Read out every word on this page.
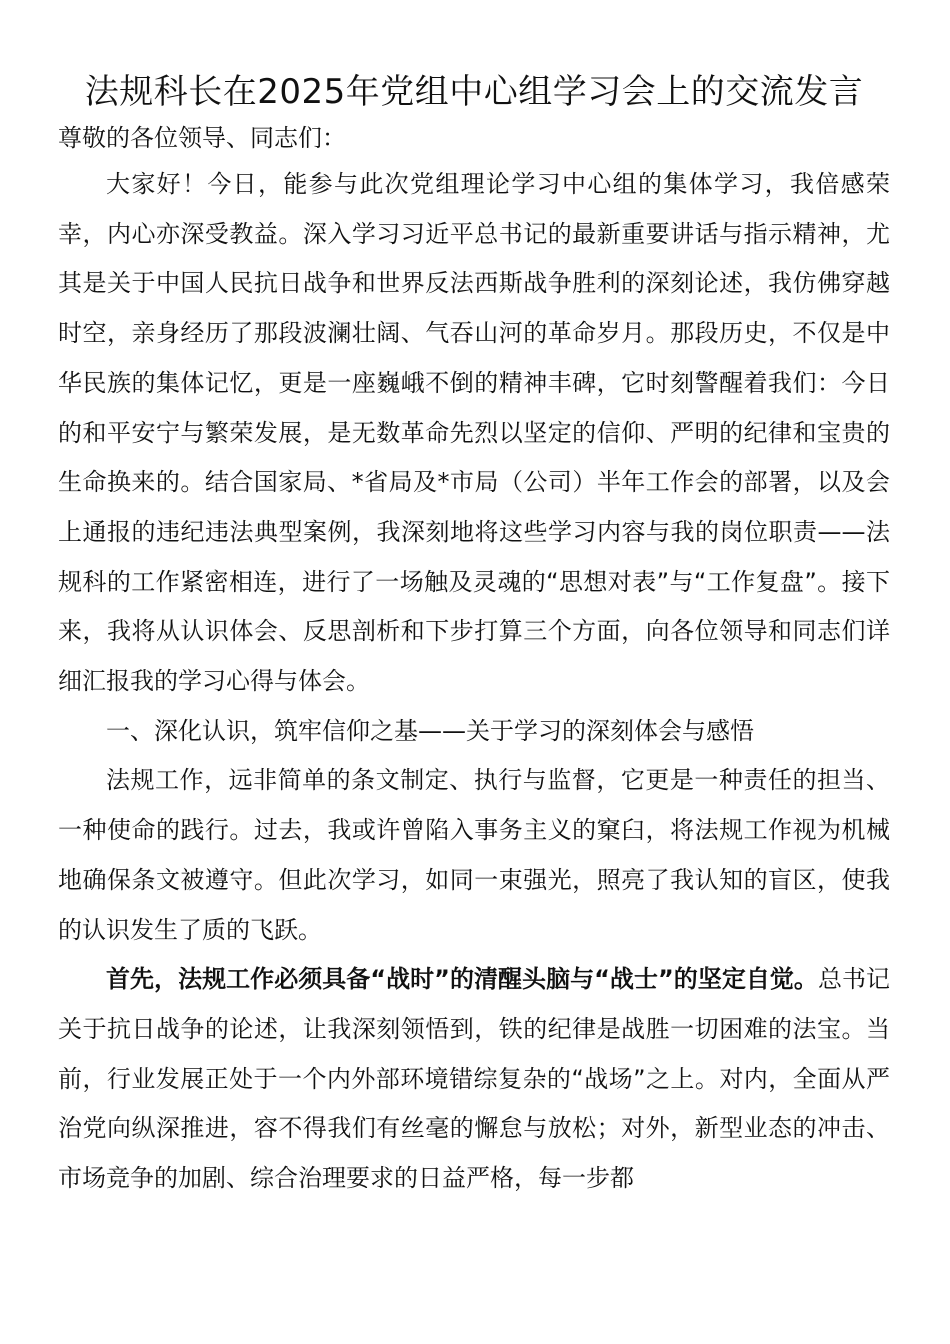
法规科长在2025年党组中心组学习会上的交流发言

尊敬的各位领导、同志们：

大家好！今日，能参与此次党组理论学习中心组的集体学习，我倍感荣幸，内心亦深受教益。深入学习习近平总书记的最新重要讲话与指示精神，尤其是关于中国人民抗日战争和世界反法西斯战争胜利的深刻论述，我仿佛穿越时空，亲身经历了那段波澜壮阔、气吞山河的革命岁月。那段历史，不仅是中华民族的集体记忆，更是一座巍峨不倒的精神丰碑，它时刻警醒着我们：今日的和平安宁与繁荣发展，是无数革命先烈以坚定的信仰、严明的纪律和宝贵的生命换来的。结合国家局、*省局及*市局（公司）半年工作会的部署，以及会上通报的违纪违法典型案例，我深刻地将这些学习内容与我的岗位职责——法规科的工作紧密相连，进行了一场触及灵魂的“思想对表”与“工作复盘”。接下来，我将从认识体会、反思剖析和下步打算三个方面，向各位领导和同志们详细汇报我的学习心得与体会。

一、深化认识，筑牢信仰之基——关于学习的深刻体会与感悟

法规工作，远非简单的条文制定、执行与监督，它更是一种责任的担当、一种使命的践行。过去，我或许曾陷入事务主义的窠臼，将法规工作视为机械地确保条文被遵守。但此次学习，如同一束强光，照亮了我认知的盲区，使我的认识发生了质的飞跃。

首先，法规工作必须具备“战时”的清醒头脑与“战士”的坚定自觉。总书记关于抗日战争的论述，让我深刻领悟到，铁的纪律是战胜一切困难的法宝。当前，行业发展正处于一个内外部环境错综复杂的“战场”之上。对内，全面从严治党向纵深推进，容不得我们有丝毫的懈怠与放松；对外，新型业态的冲击、市场竞争的加剧、综合治理要求的日益严格，每一步都
